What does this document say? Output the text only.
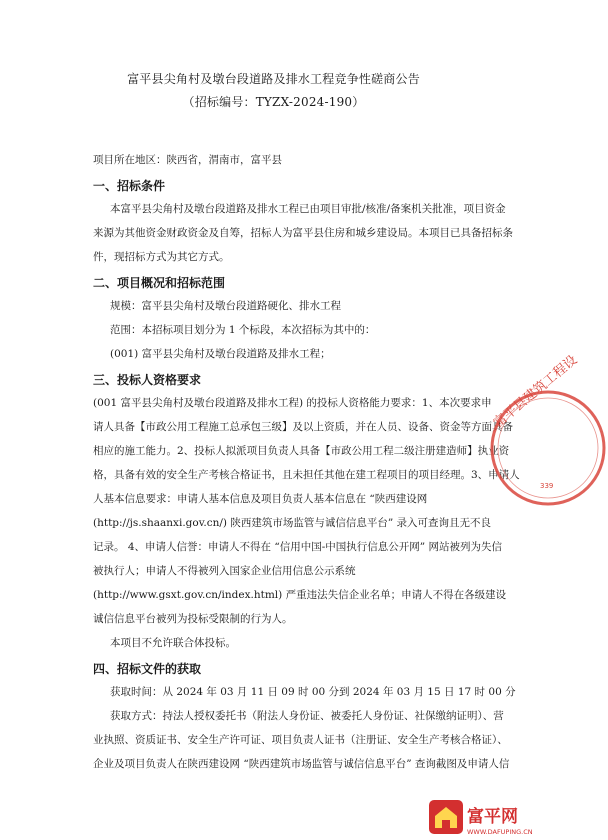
富平县尖角村及墩台段道路及排水工程竞争性磋商公告
（招标编号：TYZX-2024-190）
项目所在地区：陕西省，渭南市，富平县
一、招标条件
本富平县尖角村及墩台段道路及排水工程已由项目审批/核准/备案机关批准，项目资金
来源为其他资金财政资金及自筹，招标人为富平县住房和城乡建设局。本项目已具备招标条
件，现招标方式为其它方式。
二、项目概况和招标范围
规模：富平县尖角村及墩台段道路硬化、排水工程
范围：本招标项目划分为 1 个标段，本次招标为其中的：
(001) 富平县尖角村及墩台段道路及排水工程；
三、投标人资格要求
(001 富平县尖角村及墩台段道路及排水工程) 的投标人资格能力要求：1、本次要求申
请人具备【市政公用工程施工总承包三级】及以上资质，并在人员、设备、资金等方面具备
相应的施工能力。2、投标人拟派项目负责人具备【市政公用工程二级注册建造师】执业资
格，具备有效的安全生产考核合格证书，且未担任其他在建工程项目的项目经理。3、申请人
人基本信息要求：申请人基本信息及项目负责人基本信息在 “陕西建设网
(http://js.shaanxi.gov.cn/) 陕西建筑市场监管与诚信信息平台” 录入可查询且无不良
记录。 4、申请人信誉：申请人不得在 “信用中国-中国执行信息公开网” 网站被列为失信
被执行人；申请人不得被列入国家企业信用信息公示系统
(http://www.gsxt.gov.cn/index.html) 严重违法失信企业名单；申请人不得在各级建设
诚信信息平台被列为投标受限制的行为人。
本项目不允许联合体投标。
四、招标文件的获取
获取时间：从 2024 年 03 月 11 日 09 时 00 分到 2024 年 03 月 15 日 17 时 00 分
获取方式：持法人授权委托书（附法人身份证、被委托人身份证、社保缴纳证明）、营
业执照、资质证书、安全生产许可证、项目负责人证书（注册证、安全生产考核合格证）、
企业及项目负责人在陕西建设网 “陕西建筑市场监管与诚信信息平台” 查询截图及申请人信
富平县建筑工程设
339
富平网
WWW.DAFUPING.CN
